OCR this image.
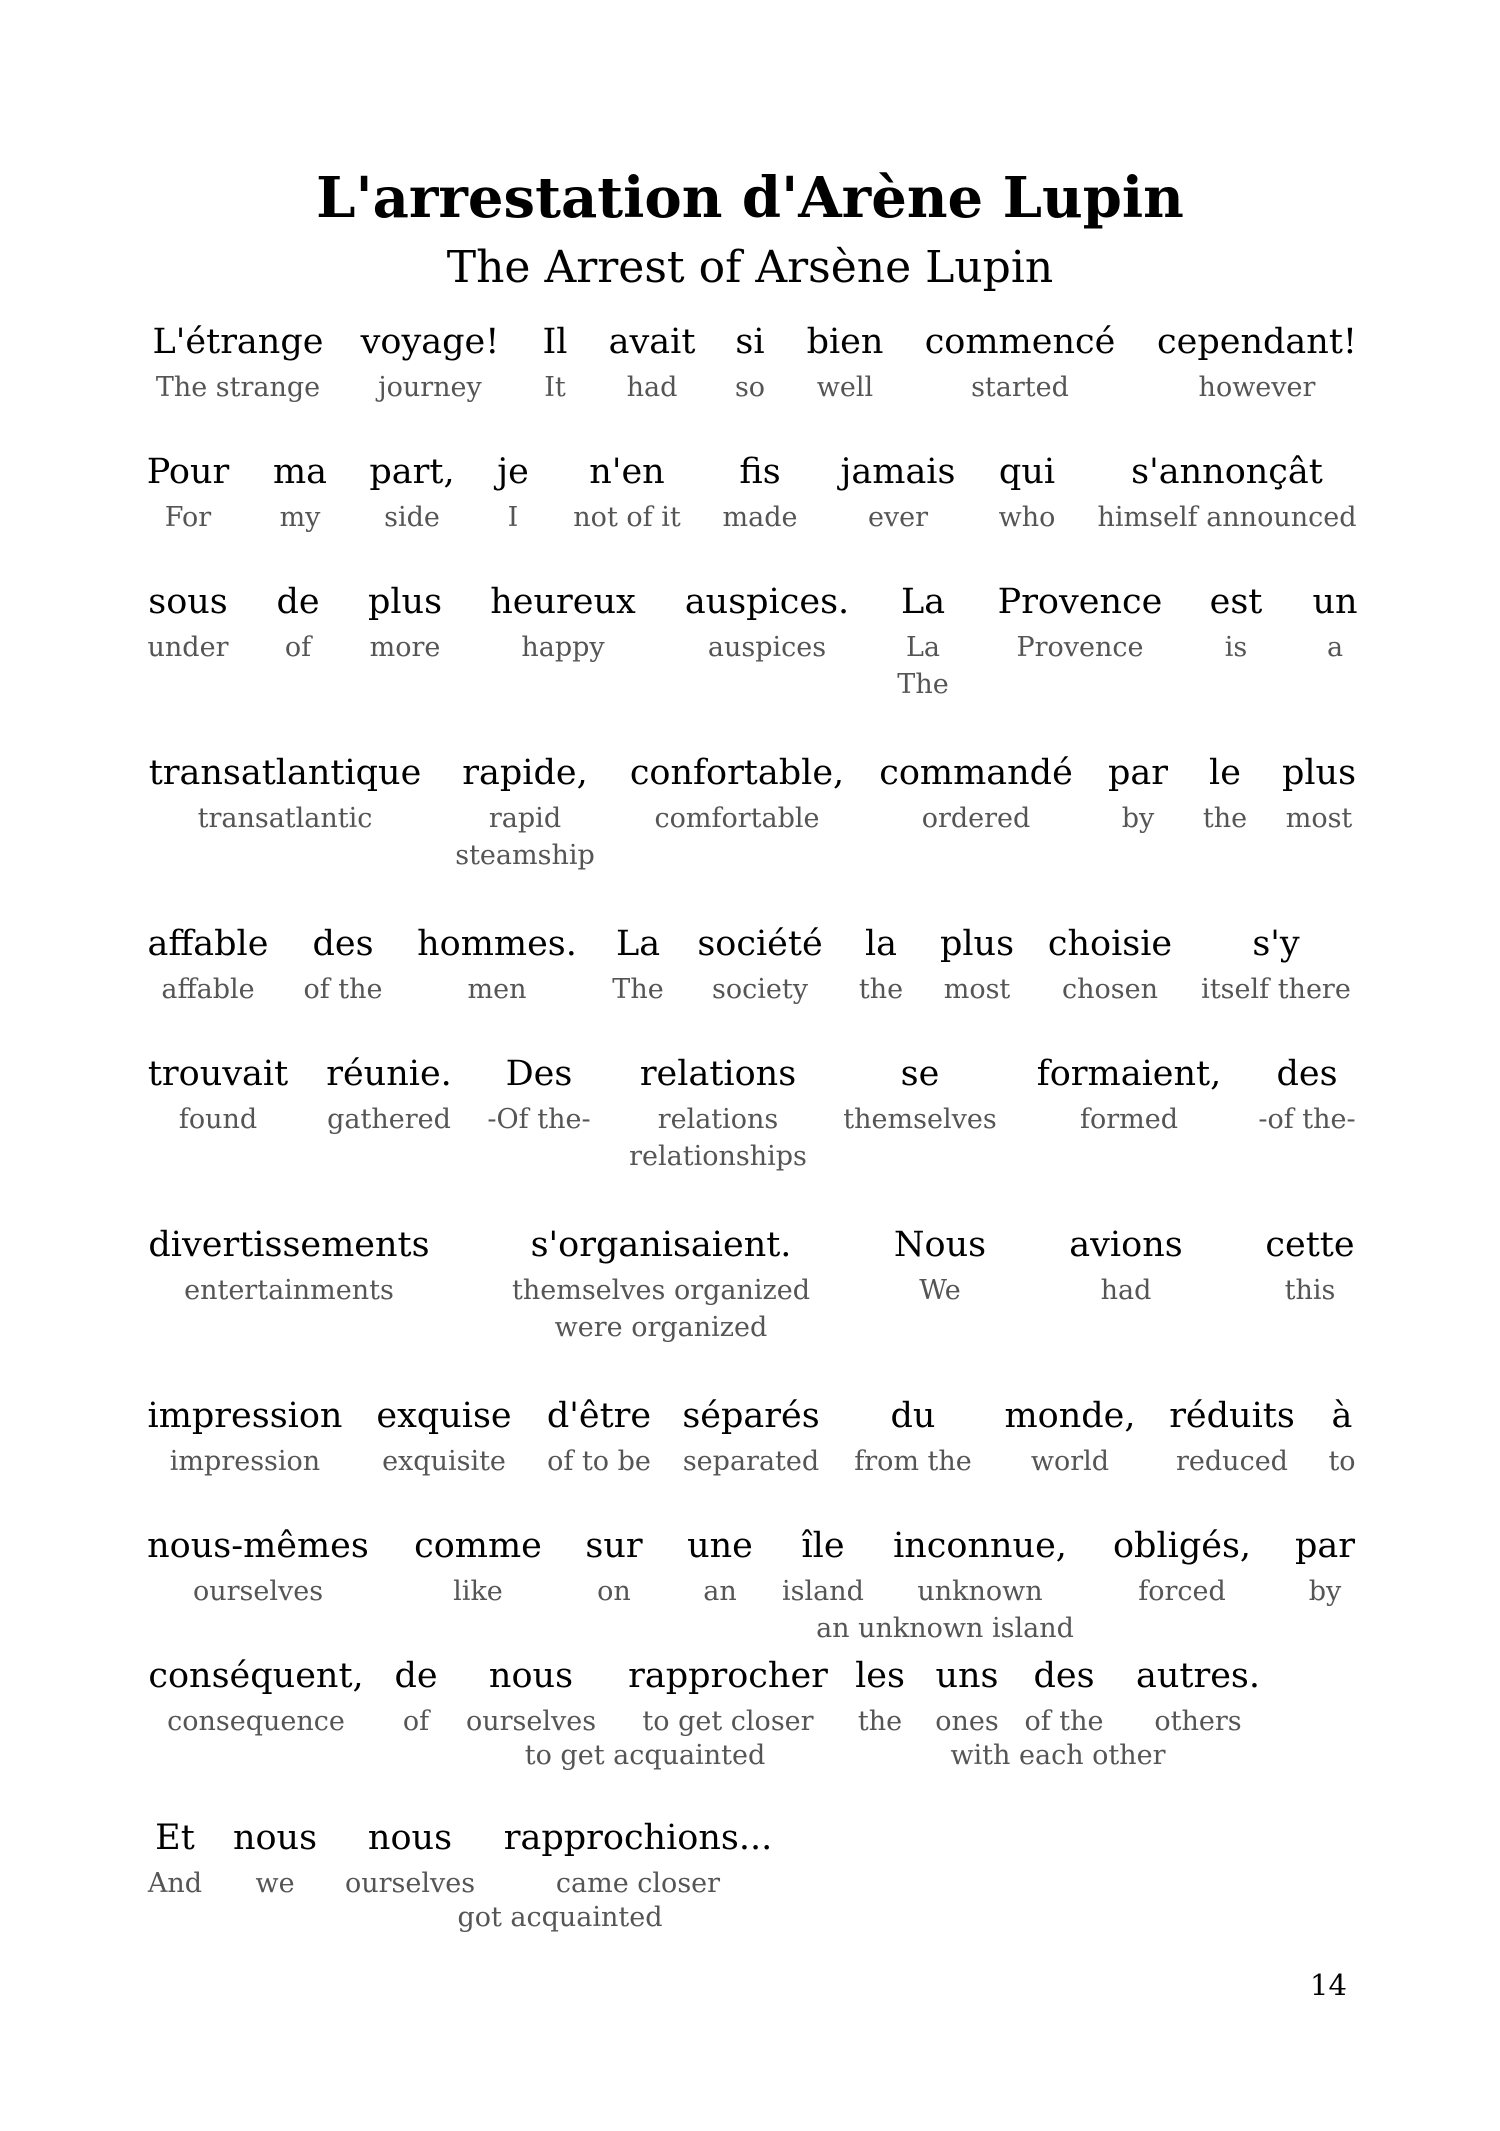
L'arrestation d'Arène Lupin
The Arrest of Arsène Lupin
L'étrange
The strange
voyage!
journey
Il
It
avait
had
si
so
bien
well
commencé
started
cependant!
however
Pour
For
ma
my
part,
side
je
I
n'en
not of it
fis
made
jamais
ever
qui
who
s'annonçât
himself announced
sous
under
de
of
plus
more
heureux
happy
auspices.
auspices
La
La
The
Provence
Provence
est
is
un
a
transatlantique
transatlantic
rapide,
rapid
steamship
confortable,
comfortable
commandé
ordered
par
by
le
the
plus
most
affable
affable
des
of the
hommes.
men
La
The
société
society
la
the
plus
most
choisie
chosen
s'y
itself there
trouvait
found
réunie.
gathered
Des
-Of the-
relations
relations
relationships
se
themselves
formaient,
formed
des
-of the-
divertissements
entertainments
s'organisaient.
themselves organized
were organized
Nous
We
avions
had
cette
this
impression
impression
exquise
exquisite
d'être
of to be
séparés
separated
du
from the
monde,
world
réduits
reduced
à
to
nous-mêmes
ourselves
comme
like
sur
on
une
an
île
island
inconnue,
unknown
obligés,
forced
par
by
an unknown island
conséquent,
consequence
de
of
nous
ourselves
rapprocher
to get closer
les
the
uns
ones
des
of the
autres.
others
to get acquainted	with each other
Et
And
nous
we
nous
ourselves
rapprochions...
came closer
got acquainted
14
